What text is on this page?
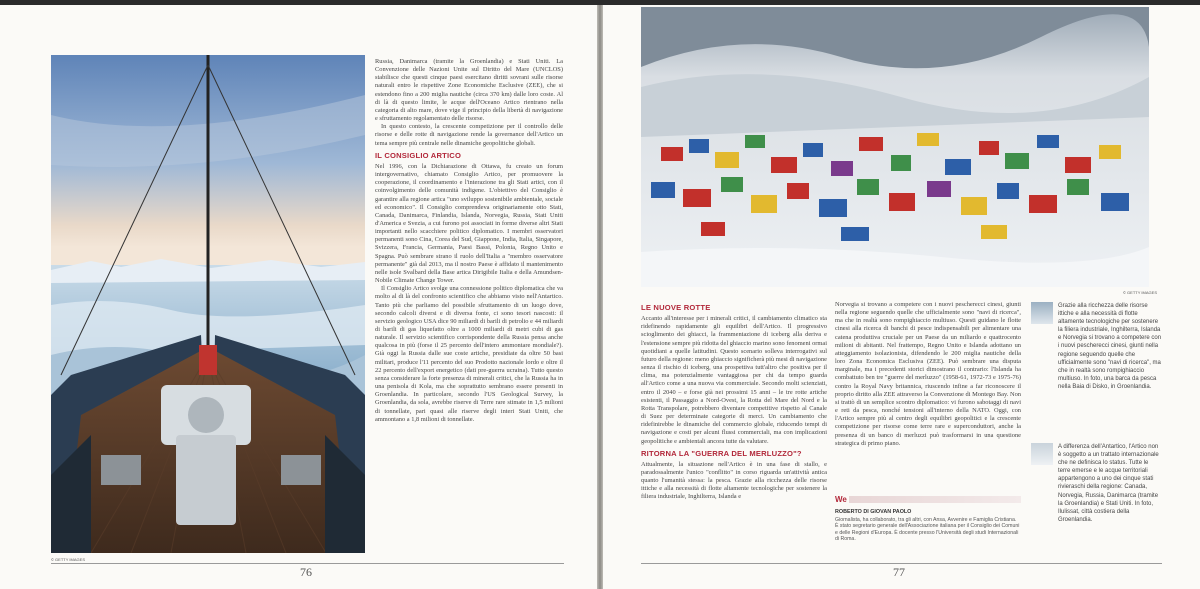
© GETTY IMAGES

Russia, Danimarca (tramite la Groenlandia) e Stati Uniti. La Convenzione delle Nazioni Unite sul Diritto del Mare (UNCLOS) stabilisce che questi cinque paesi esercitano diritti sovrani sulle risorse naturali entro le rispettive Zone Economiche Esclusive (ZEE), che si estendono fino a 200 miglia nautiche (circa 370 km) dalle loro coste. Al di là di questo limite, le acque dell'Oceano Artico rientrano nella categoria di alto mare, dove vige il principio della libertà di navigazione e sfruttamento regolamentato delle risorse.

In questo contesto, la crescente competizione per il controllo delle risorse e delle rotte di navigazione rende la governance dell'Artico un tema sempre più centrale nelle dinamiche geopolitiche globali.

IL CONSIGLIO ARTICO

Nel 1996, con la Dichiarazione di Ottawa, fu creato un forum intergovernativo, chiamato Consiglio Artico, per promuovere la cooperazione, il coordinamento e l'interazione tra gli Stati artici, con il coinvolgimento delle comunità indigene. L'obiettivo del Consiglio è garantire alla regione artica "uno sviluppo sostenibile ambientale, sociale ed economico". Il Consiglio comprendeva originariamente otto Stati, Canada, Danimarca, Finlandia, Islanda, Norvegia, Russia, Stati Uniti d'America e Svezia, a cui furono poi associati in forme diverse altri Stati importanti nello scacchiere politico diplomatico. I membri osservatori permanenti sono Cina, Corea del Sud, Giappone, India, Italia, Singapore, Svizzera, Francia, Germania, Paesi Bassi, Polonia, Regno Unito e Spagna. Può sembrare strano il ruolo dell'Italia a "membro osservatore permanente" già dal 2013, ma il nostro Paese è affidato il mantenimento nelle isole Svalbard della Base artica Dirigibile Italia e della Amundsen-Nobile Climate Change Tower.

Il Consiglio Artico svolge una connessione politico diplomatica che va molto al di là del confronto scientifico che abbiamo visto nell'Antartico. Tanto più che parliamo del possibile sfruttamento di un luogo dove, secondo calcoli diversi e di diversa fonte, ci sono tesori nascosti: il servizio geologico USA dice 90 miliardi di barili di petrolio e 44 miliardi di barili di gas liquefatto oltre a 1000 miliardi di metri cubi di gas naturale. Il servizio scientifico corrispondente della Russia pensa anche qualcosa in più (forse il 25 percento dell'intero ammontare mondiale?). Già oggi la Russia dalle sue coste artiche, presidiate da oltre 50 basi militari, produce l'11 percento del suo Prodotto nazionale lordo e oltre il 22 percento dell'export energetico (dati pre-guerra ucraina). Tutto questo senza considerare la forte presenza di minerali critici, che la Russia ha in una penisola di Kola, ma che soprattutto sembrano essere presenti in Groenlandia. In particolare, secondo l'US Geological Survey, la Groenlandia, da sola, avrebbe riserve di Terre rare stimate in 1,5 milioni di tonnellate, pari quasi alle riserve degli interi Stati Uniti, che ammontano a 1,8 milioni di tonnellate.

76
© GETTY IMAGES
LE NUOVE ROTTE

Accanto all'interesse per i minerali critici, il cambiamento climatico sta ridefinendo rapidamente gli equilibri dell'Artico. Il progressivo scioglimento dei ghiacci, la frammentazione di iceberg alla deriva e l'estensione sempre più ridotta del ghiaccio marino sono fenomeni ormai quotidiani a quelle latitudini. Questo scenario solleva interrogativi sul futuro della regione: meno ghiaccio significherà più mesi di navigazione senza il rischio di iceberg, una prospettiva tutt'altro che positiva per il clima, ma potenzialmente vantaggiosa per chi da tempo guarda all'Artico come a una nuova via commerciale. Secondo molti scienziati, entro il 2040 – e forse già nei prossimi 15 anni – le tre rotte artiche esistenti, il Passaggio a Nord-Ovest, la Rotta del Mare del Nord e la Rotta Transpolare, potrebbero diventare competitive rispetto al Canale di Suez per determinate categorie di merci. Un cambiamento che ridefinirebbe le dinamiche del commercio globale, riducendo tempi di navigazione e costi per alcuni flussi commerciali, ma con implicazioni geopolitiche e ambientali ancora tutte da valutare.

RITORNA LA "GUERRA DEL MERLUZZO"?

Attualmente, la situazione nell'Artico è in una fase di stallo, e paradossalmente l'unico "conflitto" in corso riguarda un'attività antica quanto l'umanità stessa: la pesca. Grazie alla ricchezza delle risorse ittiche e alla necessità di flotte altamente tecnologiche per sostenere la filiera industriale, Inghilterra, Islanda e

Norvegia si trovano a competere con i nuovi pescherecci cinesi, giunti nella regione seguendo quelle che ufficialmente sono "navi di ricerca", ma che in realtà sono rompighiaccio multiuso. Questi guidano le flotte cinesi alla ricerca di banchi di pesce indispensabili per alimentare una catena produttiva cruciale per un Paese da un miliardo e quattrocento milioni di abitanti. Nel frattempo, Regno Unito e Islanda adottano un atteggiamento isolazionista, difendendo le 200 miglia nautiche della loro Zona Economica Esclusiva (ZEE). Può sembrare una disputa marginale, ma i precedenti storici dimostrano il contrario: l'Islanda ha combattuto ben tre "guerre del merluzzo" (1958-61, 1972-73 e 1975-76) contro la Royal Navy britannica, riuscendo infine a far riconoscere il proprio diritto alla ZEE attraverso la Convenzione di Montego Bay. Non si trattò di un semplice scontro diplomatico: vi furono sabotaggi di navi e reti da pesca, nonché tensioni all'interno della NATO. Oggi, con l'Artico sempre più al centro degli equilibri geopolitici e la crescente competizione per risorse come terre rare e superconduttori, anche la presenza di un banco di merluzzi può trasformarsi in una questione strategica di primo piano.

We
ROBERTO DI GIOVAN PAOLO
Giornalista, ha collaborato, tra gli altri, con Ansa, Avvenire e Famiglia Cristiana. È stato segretario generale dell'Associazione italiana per il Consiglio dei Comuni e delle Regioni d'Europa. È docente presso l'Università degli studi Internazionali di Roma.

Grazie alla ricchezza delle risorse ittiche e alla necessità di flotte altamente tecnologiche per sostenere la filiera industriale, Inghilterra, Islanda e Norvegia si trovano a competere con i nuovi pescherecci cinesi, giunti nella regione seguendo quelle che ufficialmente sono "navi di ricerca", ma che in realtà sono rompighiaccio multiuso. In foto, una barca da pesca nella Baia di Disko, in Groenlandia.

A differenza dell'Antartico, l'Artico non è soggetto a un trattato internazionale che ne definisca lo status. Tutte le terre emerse e le acque territoriali appartengono a uno dei cinque stati rivieraschi della regione: Canada, Norvegia, Russia, Danimarca (tramite la Groenlandia) e Stati Uniti. In foto, Ilulissat, città costiera della Groenlandia.

77
